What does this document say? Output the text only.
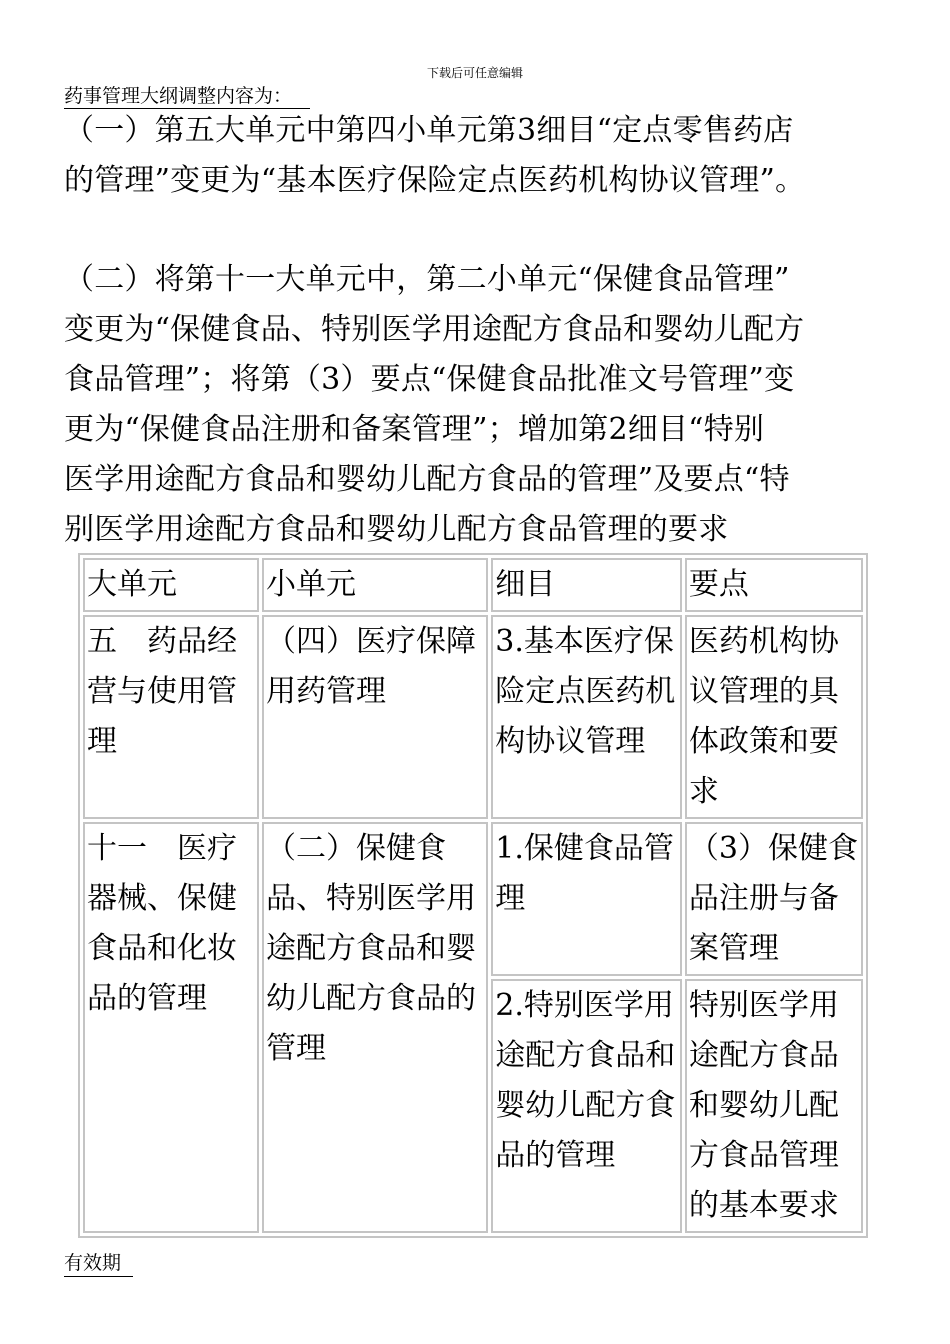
下载后可任意编辑
药事管理大纲调整内容为：
（一）第五大单元中第四小单元第3细目“定点零售药店
的管理”变更为“基本医疗保险定点医药机构协议管理”。
（二）将第十一大单元中，第二小单元“保健食品管理”
变更为“保健食品、特别医学用途配方食品和婴幼儿配方
食品管理”；将第（3）要点“保健食品批准文号管理”变
更为“保健食品注册和备案管理”；增加第2细目“特别
医学用途配方食品和婴幼儿配方食品的管理”及要点“特
别医学用途配方食品和婴幼儿配方食品管理的要求
大单元	小单元	细目	要点

五　药品经
营与使用管
理	（四）医疗保障
用药管理	3.基本医疗保
险定点医药机
构协议管理	医药机构协
议管理的具
体政策和要
求

十一　医疗
器械、保健
食品和化妆
品的管理	（二）保健食
品、特别医学用
途配方食品和婴
幼儿配方食品的
管理	1.保健食品管
理	（3）保健食
品注册与备
案管理

		2.特别医学用
途配方食品和
婴幼儿配方食
品的管理	特别医学用
途配方食品
和婴幼儿配
方食品管理
的基本要求
有效期
